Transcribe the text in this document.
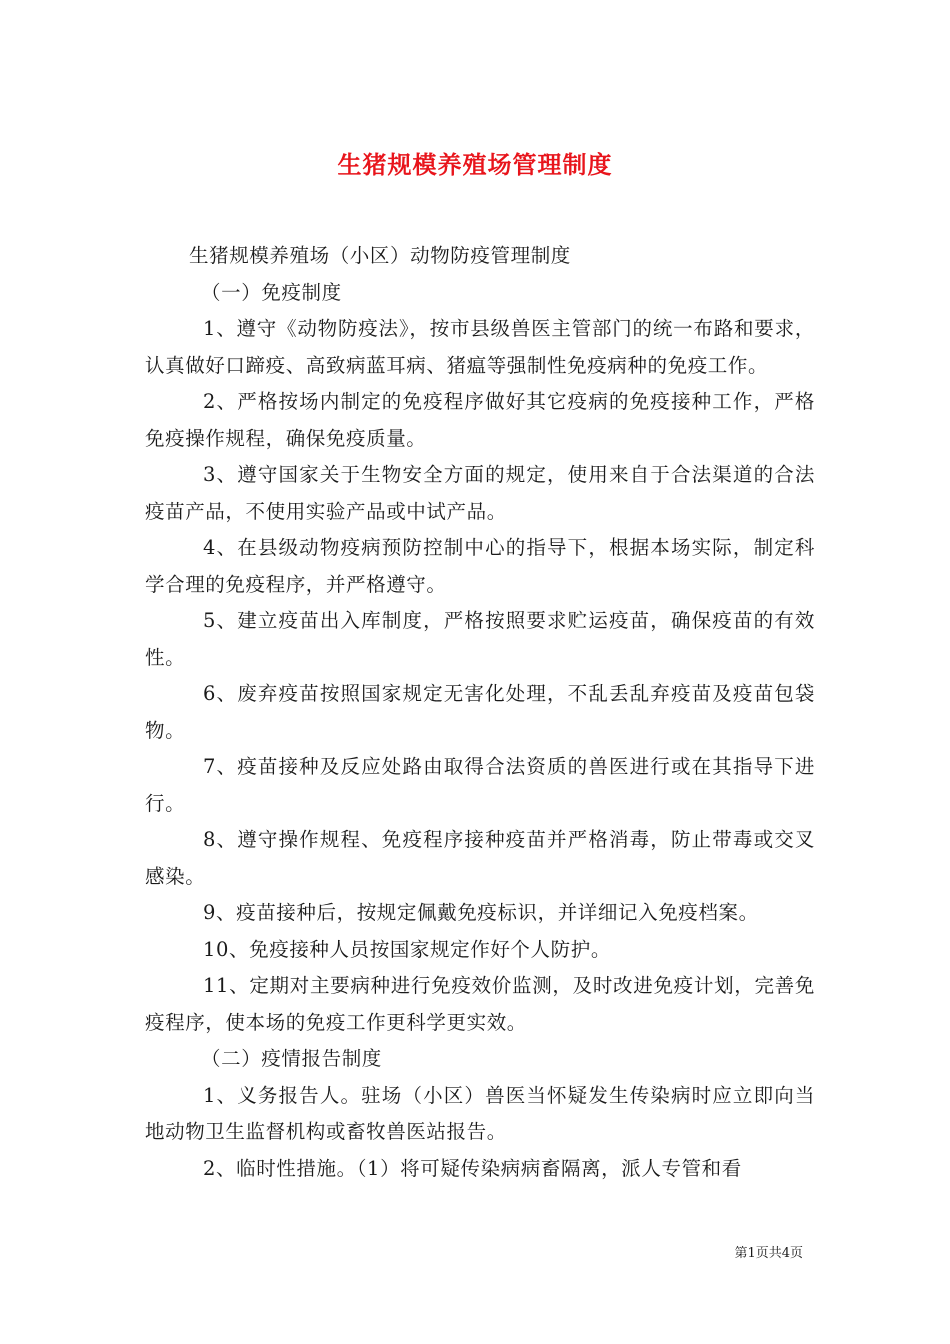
生猪规模养殖场管理制度

生猪规模养殖场（小区）动物防疫管理制度

（一）免疫制度

1、遵守《动物防疫法》，按市县级兽医主管部门的统一布路和要求，认真做好口蹄疫、高致病蓝耳病、猪瘟等强制性免疫病种的免疫工作。

2、严格按场内制定的免疫程序做好其它疫病的免疫接种工作，严格免疫操作规程，确保免疫质量。

3、遵守国家关于生物安全方面的规定，使用来自于合法渠道的合法疫苗产品，不使用实验产品或中试产品。

4、在县级动物疫病预防控制中心的指导下，根据本场实际，制定科学合理的免疫程序，并严格遵守。

5、建立疫苗出入库制度，严格按照要求贮运疫苗，确保疫苗的有效性。

6、废弃疫苗按照国家规定无害化处理，不乱丢乱弃疫苗及疫苗包袋物。

7、疫苗接种及反应处路由取得合法资质的兽医进行或在其指导下进行。

8、遵守操作规程、免疫程序接种疫苗并严格消毒，防止带毒或交叉感染。

9、疫苗接种后，按规定佩戴免疫标识，并详细记入免疫档案。

10、免疫接种人员按国家规定作好个人防护。

11、定期对主要病种进行免疫效价监测，及时改进免疫计划，完善免疫程序，使本场的免疫工作更科学更实效。

（二）疫情报告制度

1、义务报告人。驻场（小区）兽医当怀疑发生传染病时应立即向当地动物卫生监督机构或畜牧兽医站报告。

2、临时性措施。（1）将可疑传染病病畜隔离，派人专管和看

第1页共4页
